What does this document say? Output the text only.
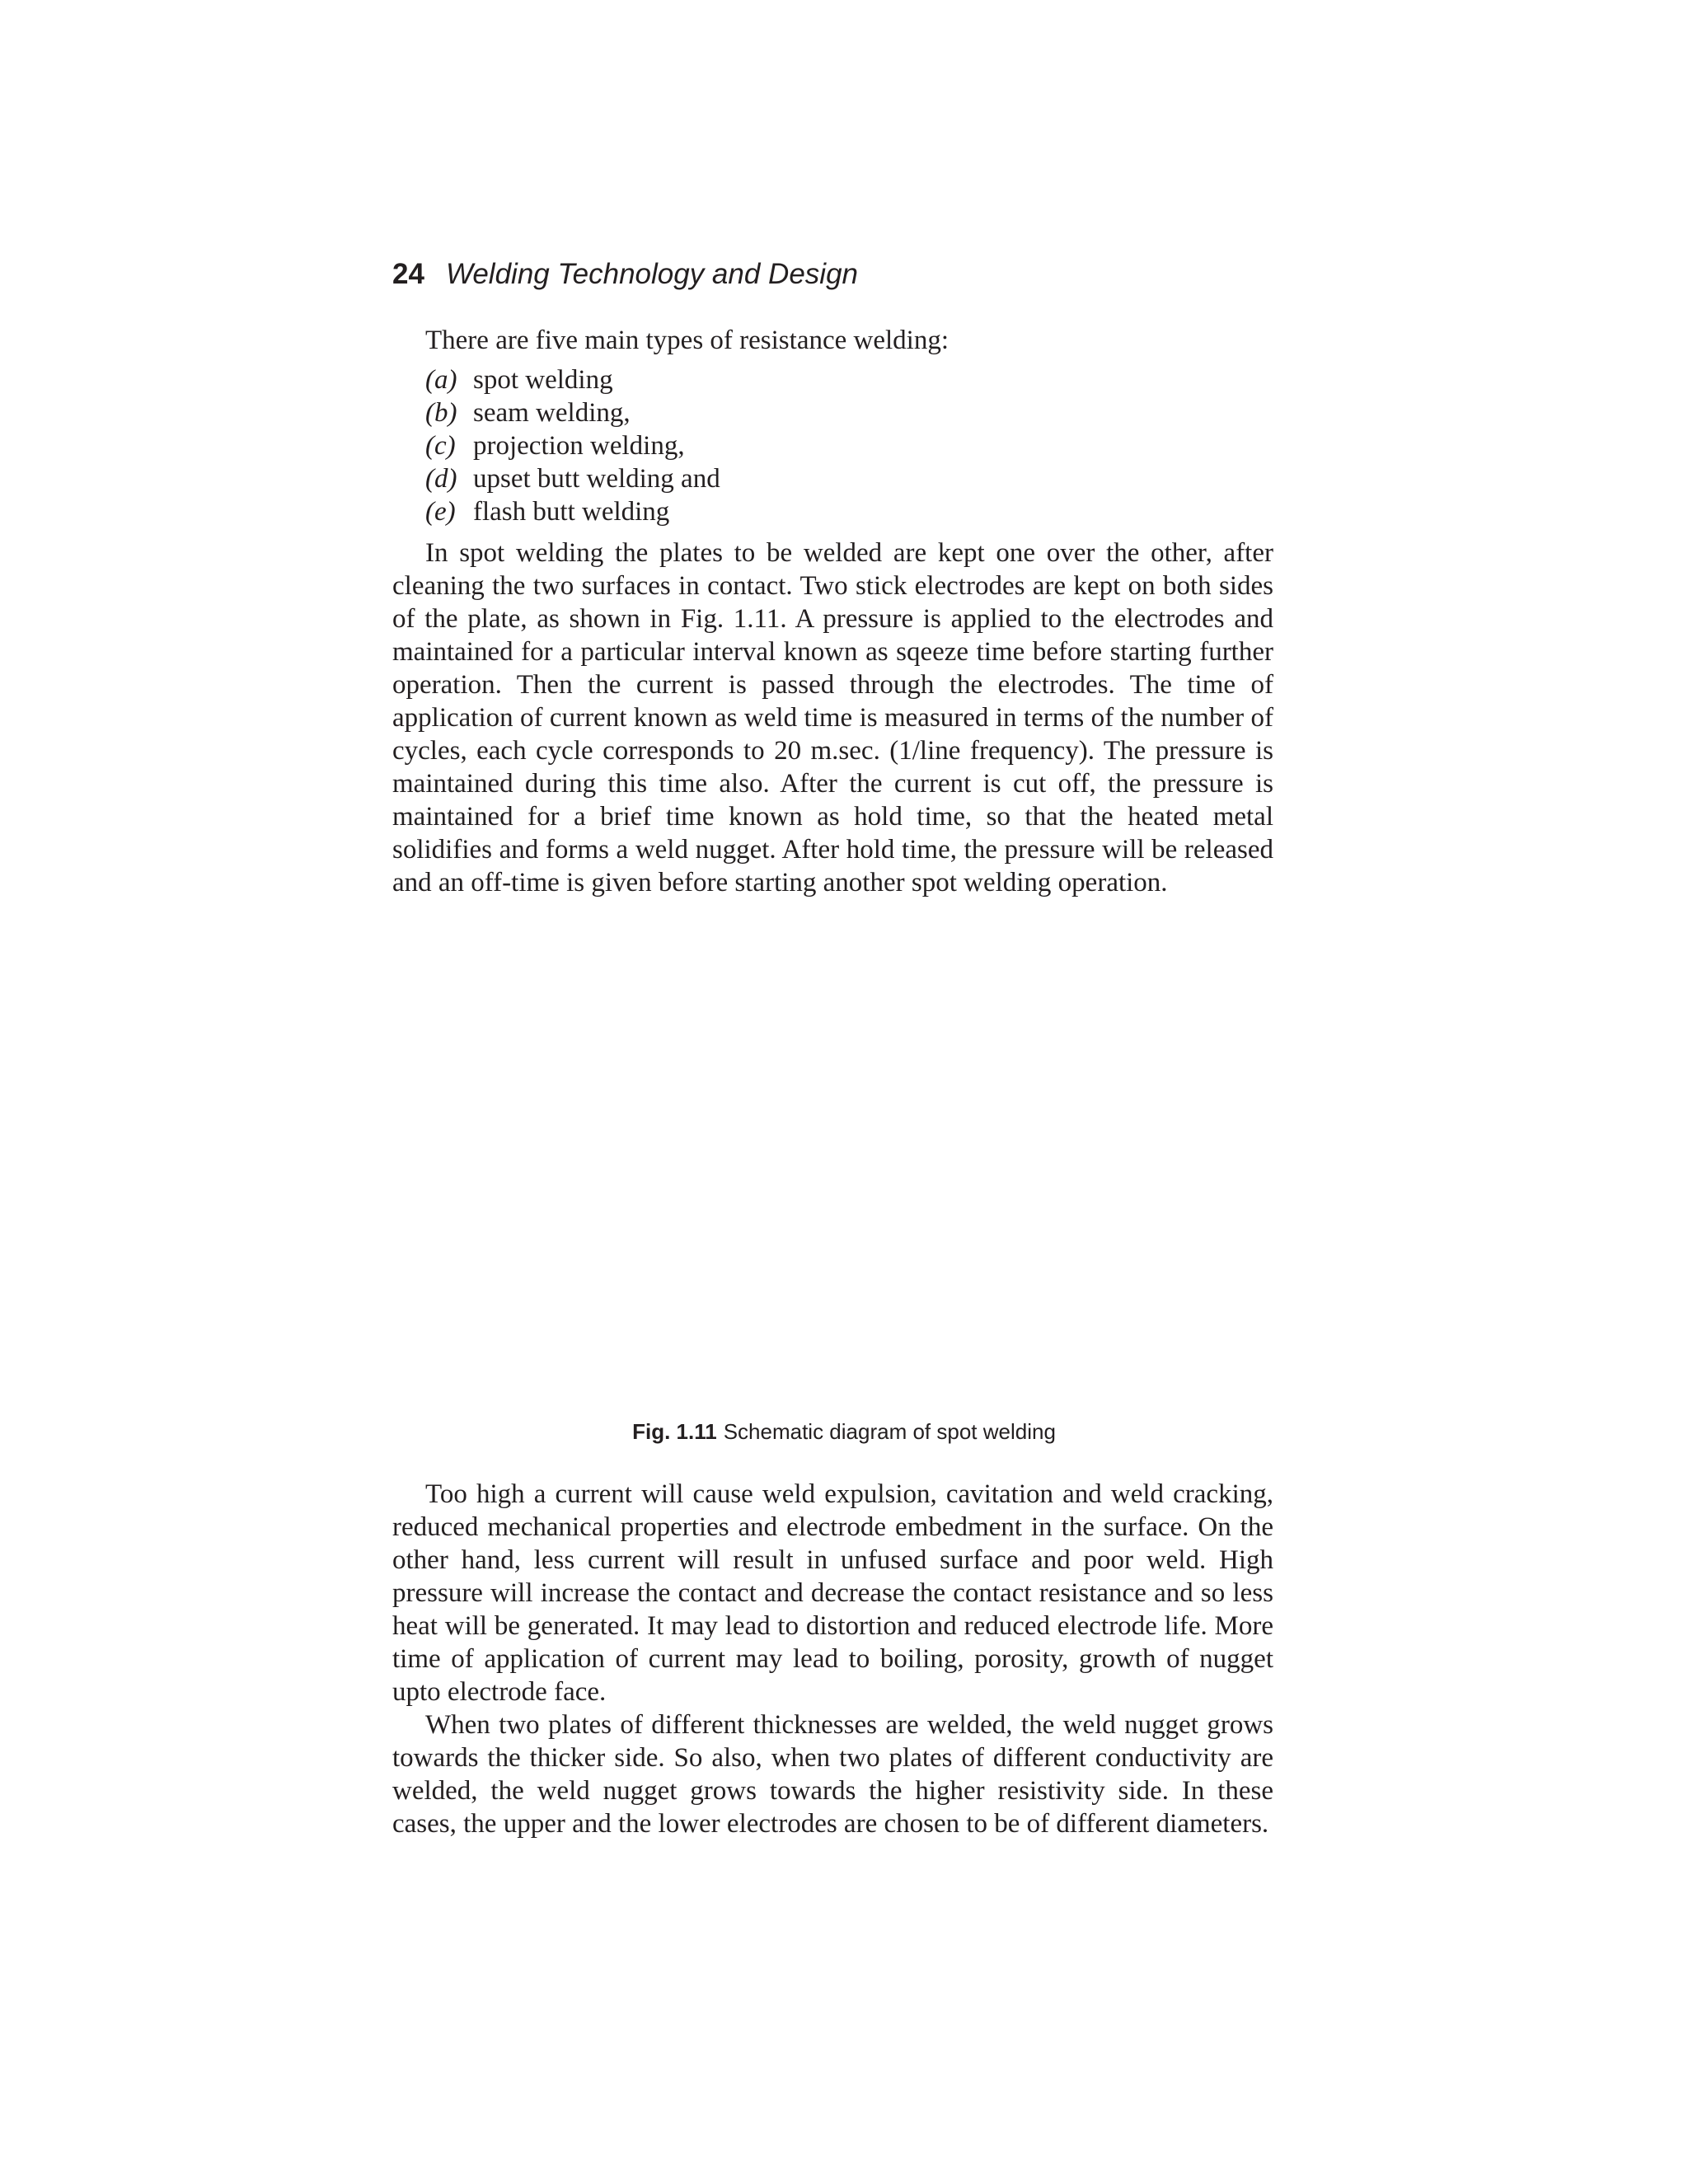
24 Welding Technology and Design

There are five main types of resistance welding:

(a) spot welding
(b) seam welding,
(c) projection welding,
(d) upset butt welding and
(e) flash butt welding

In spot welding the plates to be welded are kept one over the other, after cleaning the two surfaces in contact. Two stick electrodes are kept on both sides of the plate, as shown in Fig. 1.11. A pressure is applied to the electrodes and maintained for a particular interval known as sqeeze time before starting further operation. Then the current is passed through the electrodes. The time of application of current known as weld time is measured in terms of the number of cycles, each cycle corresponds to 20 m.sec. (1/line frequency). The pressure is maintained during this time also. After the current is cut off, the pressure is maintained for a brief time known as hold time, so that the heated metal solidifies and forms a weld nugget. After hold time, the pressure will be released and an off-time is given before starting another spot welding operation.

Fig. 1.11 Schematic diagram of spot welding

Too high a current will cause weld expulsion, cavitation and weld cracking, reduced mechanical properties and electrode embedment in the surface. On the other hand, less current will result in unfused surface and poor weld. High pressure will increase the contact and decrease the contact resistance and so less heat will be generated. It may lead to distortion and reduced electrode life. More time of application of current may lead to boiling, porosity, growth of nugget upto electrode face.

When two plates of different thicknesses are welded, the weld nugget grows towards the thicker side. So also, when two plates of different conductivity are welded, the weld nugget grows towards the higher resistivity side. In these cases, the upper and the lower electrodes are chosen to be of different diameters.
